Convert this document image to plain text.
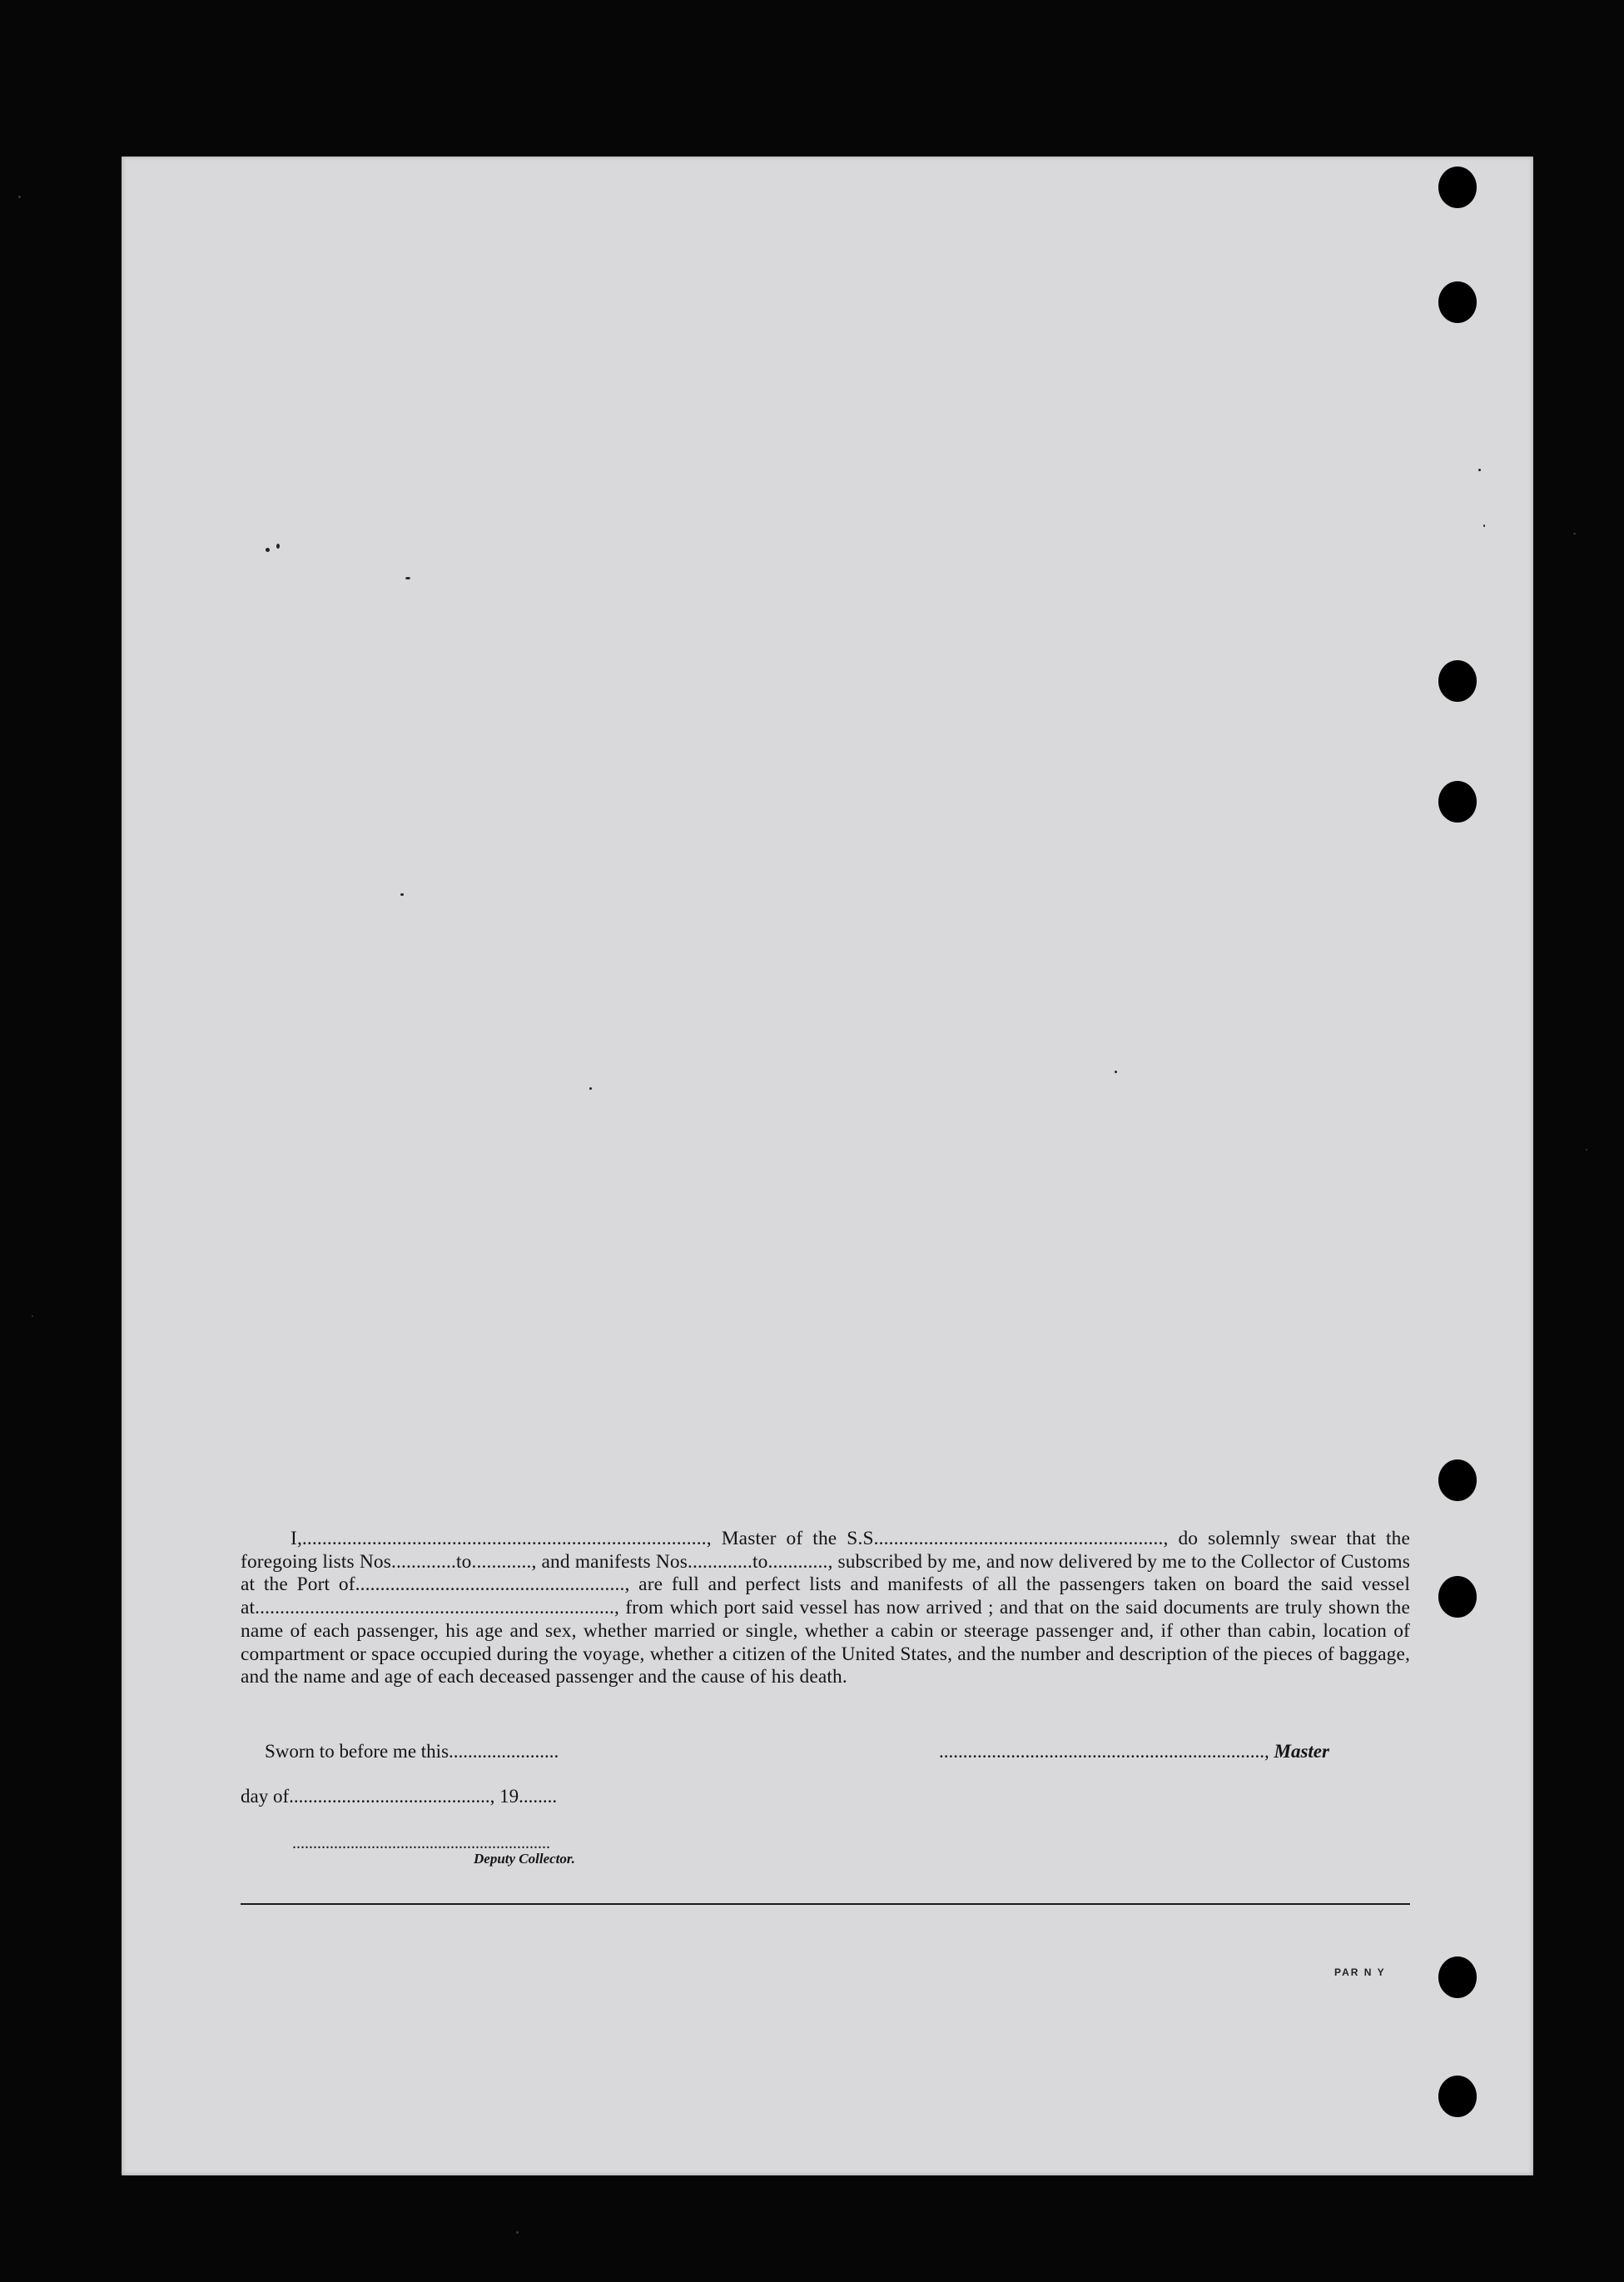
I,................................................................................., Master of the S.S.........................................................., do solemnly swear that the foregoing lists Nos.............to............, and manifests Nos.............to............, subscribed by me, and now delivered by me to the Collector of Customs at the Port of......................................................, are full and perfect lists and manifests of all the passengers taken on board the said vessel at........................................................................, from which port said vessel has now arrived ; and that on the said documents are truly shown the name of each passenger, his age and sex, whether married or single, whether a cabin or steerage passenger and, if other than cabin, location of compartment or space occupied during the voyage, whether a citizen of the United States, and the number and description of the pieces of baggage, and the name and age of each deceased passenger and the cause of his death.

Sworn to before me this.......................	...................................................................., Master
day of.........................................., 19........
..............................................................
Deputy Collector.
PAR N Y
